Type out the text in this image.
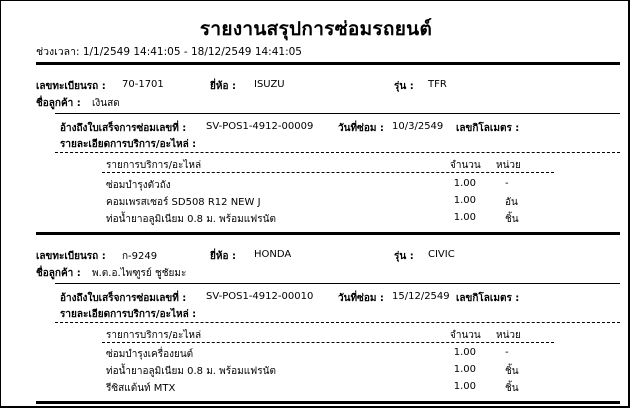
รายงานสรุปการซ่อมรถยนต์
ช่วงเวลา: 1/1/2549 14:41:05 - 18/12/2549 14:41:05
เลขทะเบียนรถ : 70-1701	ยี่ห้อ : ISUZU	รุ่น : TFR
ชื่อลูกค้า : เงินสด
อ้างถึงใบเสร็จการซ่อมเลขที่ : SV-POS1-4912-00009 วันที่ซ่อม : 10/3/2549 เลขกิโลเมตร :
รายละเอียดการบริการ/อะไหล่ :
รายการบริการ/อะไหล่	จำนวน หน่วย
ซ่อมบำรุงตัวถัง	1.00	-
คอมเพรสเซอร์ SD508 R12 NEW J	1.00	อัน
ท่อน้ำยาอลูมิเนียม 0.8 ม. พร้อมแฟรนัต	1.00	ชิ้น
เลขทะเบียนรถ : ก-9249	ยี่ห้อ : HONDA	รุ่น : CIVIC
ชื่อลูกค้า : พ.ต.อ.ไพฑูรย์ ชูชัยมะ
อ้างถึงใบเสร็จการซ่อมเลขที่ : SV-POS1-4912-00010 วันที่ซ่อม : 15/12/2549 เลขกิโลเมตร :
รายละเอียดการบริการ/อะไหล่ :
รายการบริการ/อะไหล่	จำนวน หน่วย
ซ่อมบำรุงเครื่องยนต์	1.00	-
ท่อน้ำยาอลูมิเนียม 0.8 ม. พร้อมแฟรนัต	1.00	ชิ้น
รีซิสแต้นท์ MTX	1.00	ชิ้น
